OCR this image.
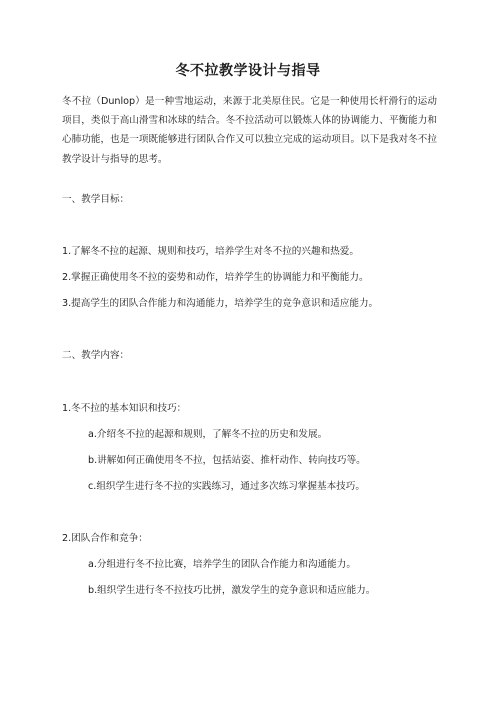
冬不拉教学设计与指导

冬不拉（Dunlop）是一种雪地运动，来源于北美原住民。它是一种使用长杆滑行的运动项目，类似于高山滑雪和冰球的结合。冬不拉活动可以锻炼人体的协调能力、平衡能力和心肺功能，也是一项既能够进行团队合作又可以独立完成的运动项目。以下是我对冬不拉教学设计与指导的思考。

一、教学目标：

1.了解冬不拉的起源、规则和技巧，培养学生对冬不拉的兴趣和热爱。

2.掌握正确使用冬不拉的姿势和动作，培养学生的协调能力和平衡能力。

3.提高学生的团队合作能力和沟通能力，培养学生的竞争意识和适应能力。

二、教学内容：

1.冬不拉的基本知识和技巧：

a.介绍冬不拉的起源和规则，了解冬不拉的历史和发展。

b.讲解如何正确使用冬不拉，包括站姿、推杆动作、转向技巧等。

c.组织学生进行冬不拉的实践练习，通过多次练习掌握基本技巧。

2.团队合作和竞争：

a.分组进行冬不拉比赛，培养学生的团队合作能力和沟通能力。

b.组织学生进行冬不拉技巧比拼，激发学生的竞争意识和适应能力。
